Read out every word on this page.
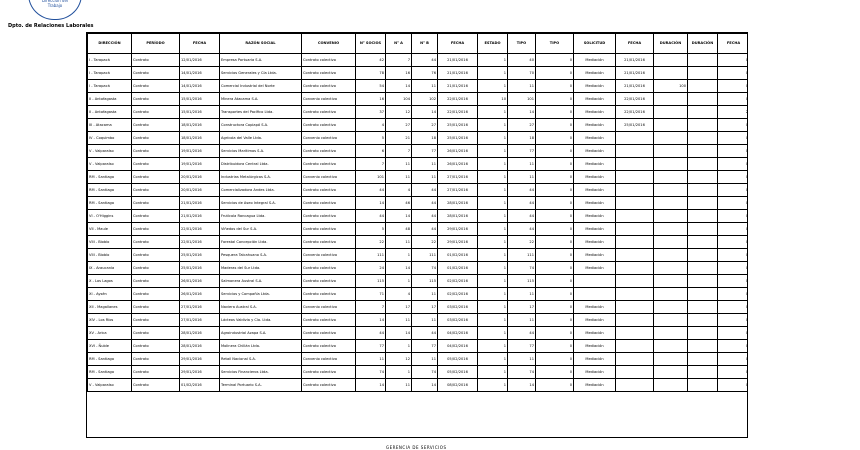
Dirección del
Trabajo
Dpto. de Relaciones Laborales
DIRECCIÓN	PERÍODO	FECHA	RAZÓN SOCIAL	CONVENIO	N° SOCIOS	N° A	N° B	FECHA	ESTADO	TIPO	TIPO	SOLICITUD	FECHA	DURACIÓN	DURACIÓN	FECHA
I - Tarapacá	Contrato	12/01/2016	Empresa Portuaria S.A.	Contrato colectivo	42	7	44	21/01/2016	1	40	0	Mediación	21/01/2016			0
I - Tarapacá	Contrato	14/01/2016	Servicios Generales y Cía Ltda.	Contrato colectivo	78	16	76	21/01/2016	1	70	0	Mediación	21/01/2016			0
I - Tarapacá	Contrato	14/01/2016	Comercial Industrial del Norte	Contrato colectivo	54	14	11	21/01/2016	1	11	0	Mediación	21/01/2016	100		0
II - Antofagasta	Contrato	15/01/2016	Minera Atacama S.A.	Convenio colectivo	16	104	102	22/01/2016	10	101	0	Mediación	22/01/2016			0
II - Antofagasta	Contrato	15/01/2016	Transportes del Pacífico Ltda.	Contrato colectivo	37	12	14	22/01/2016	1	14	0	Mediación	22/01/2016			2
III - Atacama	Contrato	18/01/2016	Constructora Copiapó S.A.	Contrato colectivo	4	27	27	25/01/2016	1	27	0	Mediación	25/01/2016			0
IV - Coquimbo	Contrato	18/01/2016	Agrícola del Valle Ltda.	Convenio colectivo	5	21	18	25/01/2016	1	18	0	Mediación				0
V - Valparaíso	Contrato	19/01/2016	Servicios Marítimos S.A.	Contrato colectivo	6	7	77	26/01/2016	1	77	0	Mediación				0
V - Valparaíso	Contrato	19/01/2016	Distribuidora Central Ltda.	Contrato colectivo	7	11	11	26/01/2016	1	11	0	Mediación				0
RM - Santiago	Contrato	20/01/2016	Industrias Metalúrgicas S.A.	Convenio colectivo	101	11	11	27/01/2016	1	11	0	Mediación				0
RM - Santiago	Contrato	20/01/2016	Comercializadora Andes Ltda.	Contrato colectivo	44	4	44	27/01/2016	1	44	0	Mediación				0
RM - Santiago	Contrato	21/01/2016	Servicios de Aseo Integral S.A.	Contrato colectivo	14	46	44	28/01/2016	1	44	0	Mediación				0
VI - O'Higgins	Contrato	21/01/2016	Frutícola Rancagua Ltda.	Contrato colectivo	44	14	44	28/01/2016	1	44	0	Mediación				0
VII - Maule	Contrato	22/01/2016	Viñedos del Sur S.A.	Contrato colectivo	5	48	44	29/01/2016	1	44	0	Mediación				0
VIII - Biobío	Contrato	22/01/2016	Forestal Concepción Ltda.	Contrato colectivo	22	11	22	29/01/2016	1	22	0	Mediación				0
VIII - Biobío	Contrato	25/01/2016	Pesquera Talcahuano S.A.	Convenio colectivo	111	1	111	01/02/2016	1	111	0	Mediación				0
IX - Araucanía	Contrato	25/01/2016	Maderas del Sur Ltda.	Contrato colectivo	24	14	74	01/02/2016	1	74	0	Mediación				0
X - Los Lagos	Contrato	26/01/2016	Salmonera Austral S.A.	Contrato colectivo	115	1	115	02/02/2016	1	115	0					0
XI - Aysén	Contrato	26/01/2016	Servicios y Compañía Ltda.	Contrato colectivo	71	4	11	02/02/2016	1	11	0					0
XII - Magallanes	Contrato	27/01/2016	Naviera Austral S.A.	Convenio colectivo	7	17	17	03/02/2016	1	17	0	Mediación				0
XIV - Los Ríos	Contrato	27/01/2016	Lácteos Valdivia y Cía. Ltda.	Contrato colectivo	14	11	11	03/02/2016	1	11	0	Mediación				0
XV - Arica	Contrato	28/01/2016	Agroindustrial Azapa S.A.	Contrato colectivo	44	14	44	04/02/2016	1	44	0	Mediación				0
XVI - Ñuble	Contrato	28/01/2016	Molinera Chillán Ltda.	Contrato colectivo	77	1	77	04/02/2016	1	77	0	Mediación				0
RM - Santiago	Contrato	29/01/2016	Retail Nacional S.A.	Convenio colectivo	11	12	11	05/02/2016	1	11	0	Mediación				0
RM - Santiago	Contrato	29/01/2016	Servicios Financieros Ltda.	Contrato colectivo	74	1	74	05/02/2016	1	74	0	Mediación				0
V - Valparaíso	Contrato	01/02/2016	Terminal Portuario S.A.	Contrato colectivo	14	11	14	08/02/2016	1	14	0	Mediación				0
GERENCIA DE SERVICIOS
